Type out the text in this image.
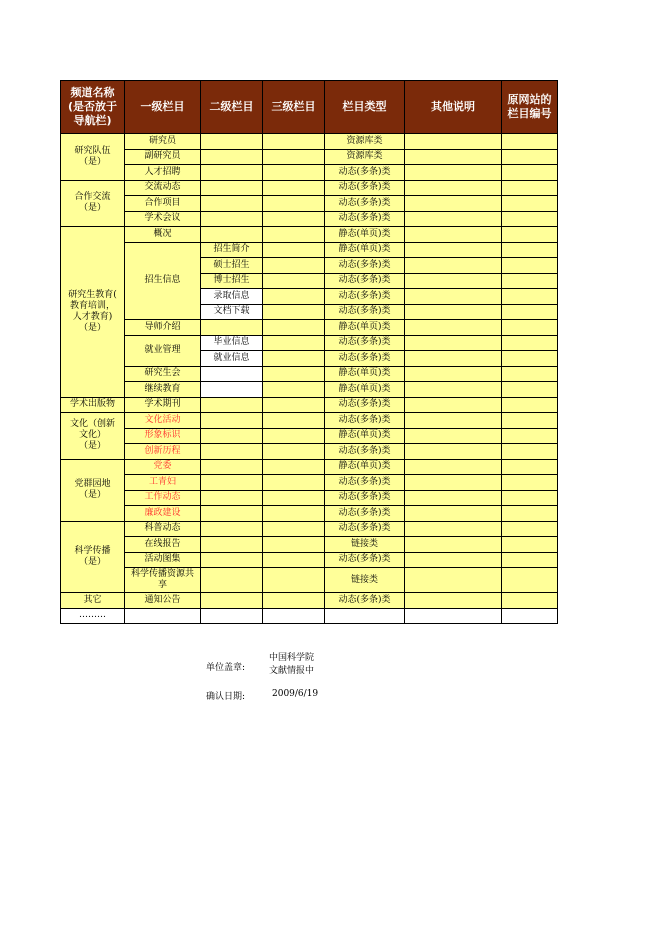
频道名称
(是否放于
导航栏)	一级栏目	二级栏目	三级栏目	栏目类型	其他说明	原网站的
栏目编号
研究队伍
（是）	研究员			资源库类		
	副研究员			资源库类		
	人才招聘			动态(多条)类		
合作交流
（是）	交流动态			动态(多条)类		
	合作项目			动态(多条)类		
	学术会议			动态(多条)类		
研究生教育(
教育培训，
人才教育)
（是）	概况			静态(单页)类		
	招生信息	招生简介		静态(单页)类		
		硕士招生		动态(多条)类		
		博士招生		动态(多条)类		
		录取信息		动态(多条)类		
		文档下载		动态(多条)类		
	导师介绍			静态(单页)类		
	就业管理	毕业信息		动态(多条)类		
		就业信息		动态(多条)类		
	研究生会			静态(单页)类		
	继续教育			静态(单页)类		
学术出版物	学术期刊			动态(多条)类		
文化（创新
文化）
（是）	文化活动			动态(多条)类		
	形象标识			静态(单页)类		
	创新历程			动态(多条)类		
党群园地
（是）	党委			静态(单页)类		
	工青妇			动态(多条)类		
	工作动态			动态(多条)类		
	廉政建设			动态(多条)类		
科学传播
（是）	科普动态			动态(多条)类		
	在线报告			链接类		
	活动图集			动态(多条)类		
	科学传播资源共
享			链接类		
其它	通知公告			动态(多条)类		
………						
单位盖章:
中国科学院
文献情报中
确认日期:	2009/6/19
